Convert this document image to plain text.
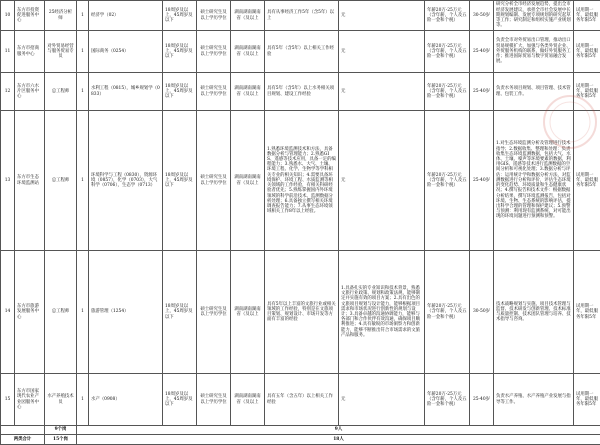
10	东方市投资促进服务中心	25经济分析师	1	经济学（02）	18周岁及以上，45周岁及以下	硕士研究生及以上学历学位	湖南湖南湖南省（及以上	具有从事经济工作5年（含5年）以上	无	年薪20万-25万元（含年薪，个人及五险一金和个税）	30-50岁	研究分析全市经济发展趋势，提出全市经济发展建议，承担全市社会发展中长期规划编制、发展专项规划的研究起草等工作；研究制定和组织实施产业规划等。	试用期一年，最低服务年限5年
11	东方市招商服务中心	对外贸易经营与服务贸易专员	1	国际商务（0254）	18周岁及以上，45周岁及以下	硕士研究生及以上学历学位	湖南湖南湖南省（及以上	具有5年（含5年）以上相关工作经验	无	年薪20万-25万元（含年薪，个人及五险一金和个税）	25-40岁	负责全市对外贸易出口管理，推动出口贸易规模扩大，加强与各类外贸企业、外贸服务机构的联系，做好外贸服务工作；推进国际贸易与数字贸易融合发展。	试用期一年，最低服务年限5年
12	东方市六水片区服务中心	总工程师	1	水利工程（0815），城乡规划学（0833）	18周岁及以上，45周岁及以下	硕士研究生及以上学历学位	湖南湖南湖南省（及以上	具有5年（含5年）以上水务相关项目规划、建设工作经验	无	年薪20万-25万元（含年薪，个人及五险一金和个税）	25-40岁	负责水务项目规划、项目管理、技术管理、包装工作。	试用期一年，最低服务年限5年
13	东方市生态环境监测站	总工程师	1	环境科学与工程（0830），资源环境（0857），化学（0703），大气科学（0706），生态学（0713）	18周岁及以上，45周岁及以下	硕士研究生及以上学历学位	湖南湖南湖南省（及以上	1.熟悉环境监测技术和方法，具备数据分析与管理能力；2.熟悉GIS、遥感等技术应用，具备一定的编程能力；3.熟悉水、大气、土壤、环境工程、化学、生物学等学科相关专业的相关知识；4.需要具备环境保护、环境工程、水质监测等相关领域的工作经验，有相关科研经验者优先；5.熟练掌握国内外环境领域的科学前沿技术、监测数据分析处理；6.具备独立撰写相关环境调查报告能力；7.从事生态环境领域相关工作8年以上经验。	无	年薪20万-25万元（含年薪，个人及五险一金和个税）	25-40岁	1.对生态环境监测分析及管理进行技术指导；2.数据收集、整理和处理：负责收集生态环境监测数据，包括大气、水体、土壤、噪声等环境要素的数据，利用GIS、遥感等技术进行监测数据的空间分析和可视化处理；3.数据分析与评估：运用统计学和数据分析方法，对监测数据进行分析和评价，评估生态环境的变化趋势、环境质量和生态健康状况；4.撰写报告和技术文件：根据数据分析结果，撰写环境监测报告，包括对环境、生物、生态系统的影响评估，提出科学合理的管理和保护建议；5.预警与预测：利用现有监测系统，对可能出现的环境问题进行预测和预警。	试用期一年，最低服务年限5年
14	东方市旅游发展服务中心	总工程师	1	旅游管理（1254）	18周岁及以上，45周岁及以下	硕士研究生及以上学历学位	湖南湖南湖南省（及以上	具有5年以上丰富的文旅行业或相关领域的工作经验，特别是在文旅项目策划、规划设计、市场开发等方面有丰富的经验	1.具备扎实的专业知识和技术背景，熟悉文旅行业政策、规划和政策法规，能够制定并实施有效的项目方案；2.具有出色的文旅项目规划与设计能力，能够根据项目需求和市场状况进行创新性的规划与设计；3.具备卓越的沟通协调能力，能够与各部门和合作伙伴有效沟通，确保项目顺利推进；4.具有敏锐的市场洞察力和创新能力，能够不断推出符合市场需求的文旅产品和服务。	年薪20万-25万元（含年薪，个人及五险一金和个税）	30-50岁	技术战略规划与实施、项目技术管理与监督、技术研发与创新管理、技术标准与质量控制、技术团队管理与培养、技术指导与咨询。	试用期一年，最低服务年限5年
15	东方市国家现代农业产业园服务中心	水产养殖技术员	1	水产（0908）	18周岁及以上，45周岁及以下	硕士研究生及以上学历学位	湖南湖南湖南省（及以上	具有五年（含五年）以上相关工作经验	无	年薪20万-25万元（含年薪，个人及五险一金和个税）	25-40岁	负责水产养殖、水产养殖产业发展与指导等工作。	试用期一年，最低服务年限5年
		9个岗	9人										
两类合计		15个岗	18人										
